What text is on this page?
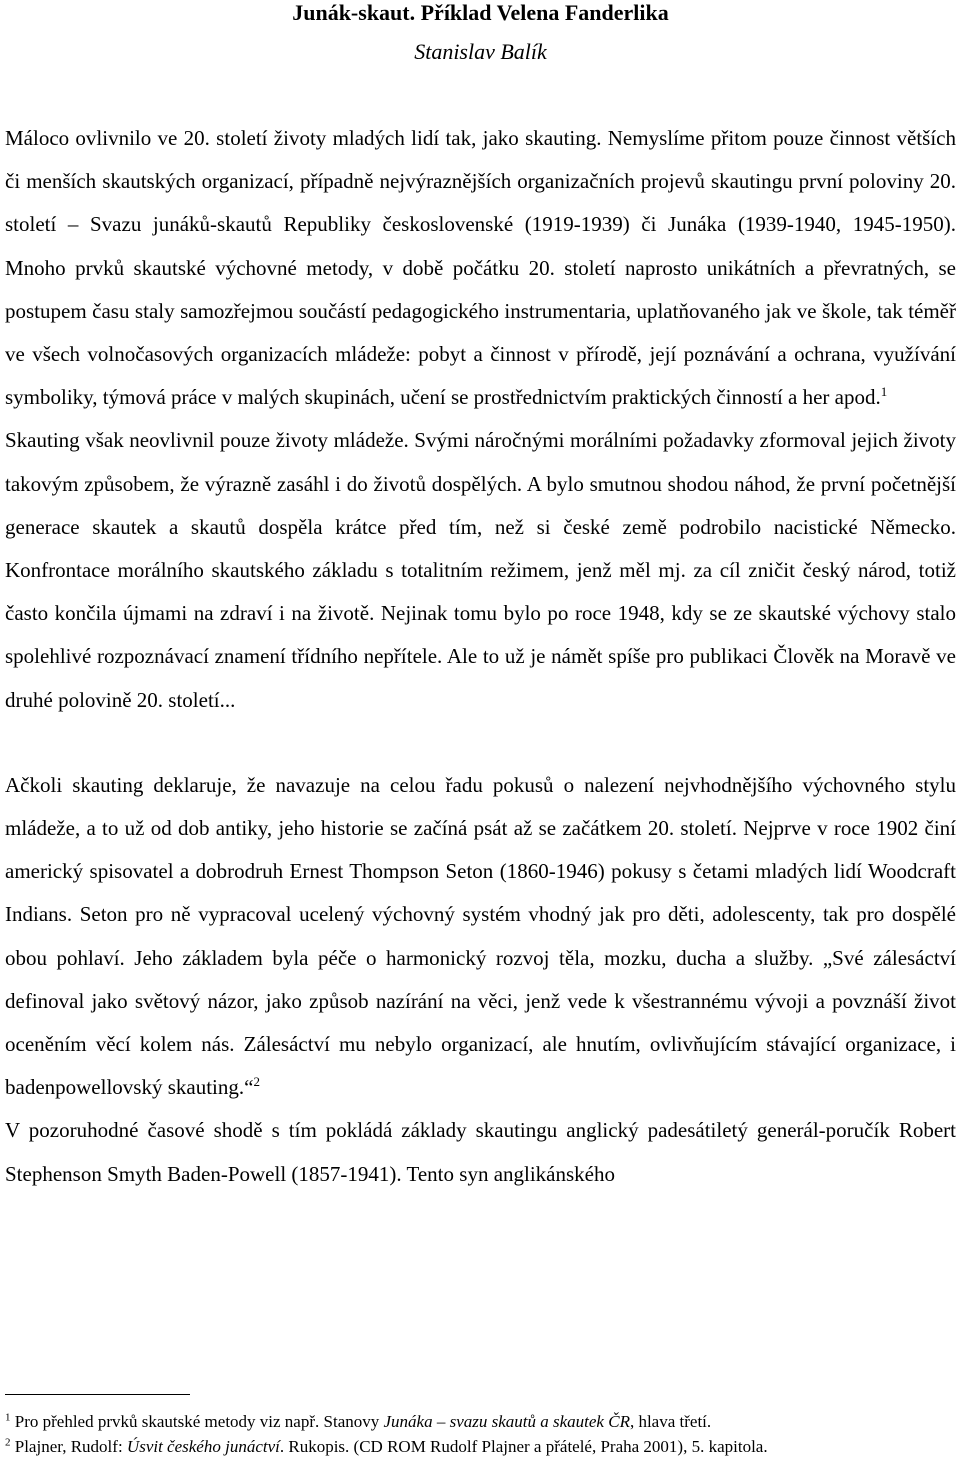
Junák-skaut. Příklad Velena Fanderlika
Stanislav Balík

Máloco ovlivnilo ve 20. století životy mladých lidí tak, jako skauting. Nemyslíme přitom pouze činnost větších či menších skautských organizací, případně nejvýraznějších organizačních projevů skautingu první poloviny 20. století – Svazu junáků-skautů Republiky československé (1919-1939) či Junáka (1939-1940, 1945-1950). Mnoho prvků skautské výchovné metody, v době počátku 20. století naprosto unikátních a převratných, se postupem času staly samozřejmou součástí pedagogického instrumentaria, uplatňovaného jak ve škole, tak téměř ve všech volnočasových organizacích mládeže: pobyt a činnost v přírodě, její poznávání a ochrana, využívání symboliky, týmová práce v malých skupinách, učení se prostřednictvím praktických činností a her apod.$^1$

Skauting však neovlivnil pouze životy mládeže. Svými náročnými morálními požadavky zformoval jejich životy takovým způsobem, že výrazně zasáhl i do životů dospělých. A bylo smutnou shodou náhod, že první početnější generace skautek a skautů dospěla krátce před tím, než si české země podrobilo nacistické Německo. Konfrontace morálního skautského základu s totalitním režimem, jenž měl mj. za cíl zničit český národ, totiž často končila újmami na zdraví i na životě. Nejinak tomu bylo po roce 1948, kdy se ze skautské výchovy stalo spolehlivé rozpoznávací znamení třídního nepřítele. Ale to už je námět spíše pro publikaci Člověk na Moravě ve druhé polovině 20. století...

Ačkoli skauting deklaruje, že navazuje na celou řadu pokusů o nalezení nejvhodnějšího výchovného stylu mládeže, a to už od dob antiky, jeho historie se začíná psát až se začátkem 20. století. Nejprve v roce 1902 činí americký spisovatel a dobrodruh Ernest Thompson Seton (1860-1946) pokusy s četami mladých lidí Woodcraft Indians. Seton pro ně vypracoval ucelený výchovný systém vhodný jak pro děti, adolescenty, tak pro dospělé obou pohlaví. Jeho základem byla péče o harmonický rozvoj těla, mozku, ducha a služby. „Své zálesáctví definoval jako světový názor, jako způsob nazírání na věci, jenž vede k všestrannému vývoji a povznáší život oceněním věcí kolem nás. Zálesáctví mu nebylo organizací, ale hnutím, ovlivňujícím stávající organizace, i badenpowellovský skauting.“$^2$

V pozoruhodné časové shodě s tím pokládá základy skautingu anglický padesátiletý generál-poručík Robert Stephenson Smyth Baden-Powell (1857-1941). Tento syn anglikánského

$^1$ Pro přehled prvků skautské metody viz např. Stanovy Junáka – svazu skautů a skautek ČR, hlava třetí.

$^2$ Plajner, Rudolf: Úsvit českého junáctví. Rukopis. (CD ROM Rudolf Plajner a přátelé, Praha 2001), 5. kapitola.
